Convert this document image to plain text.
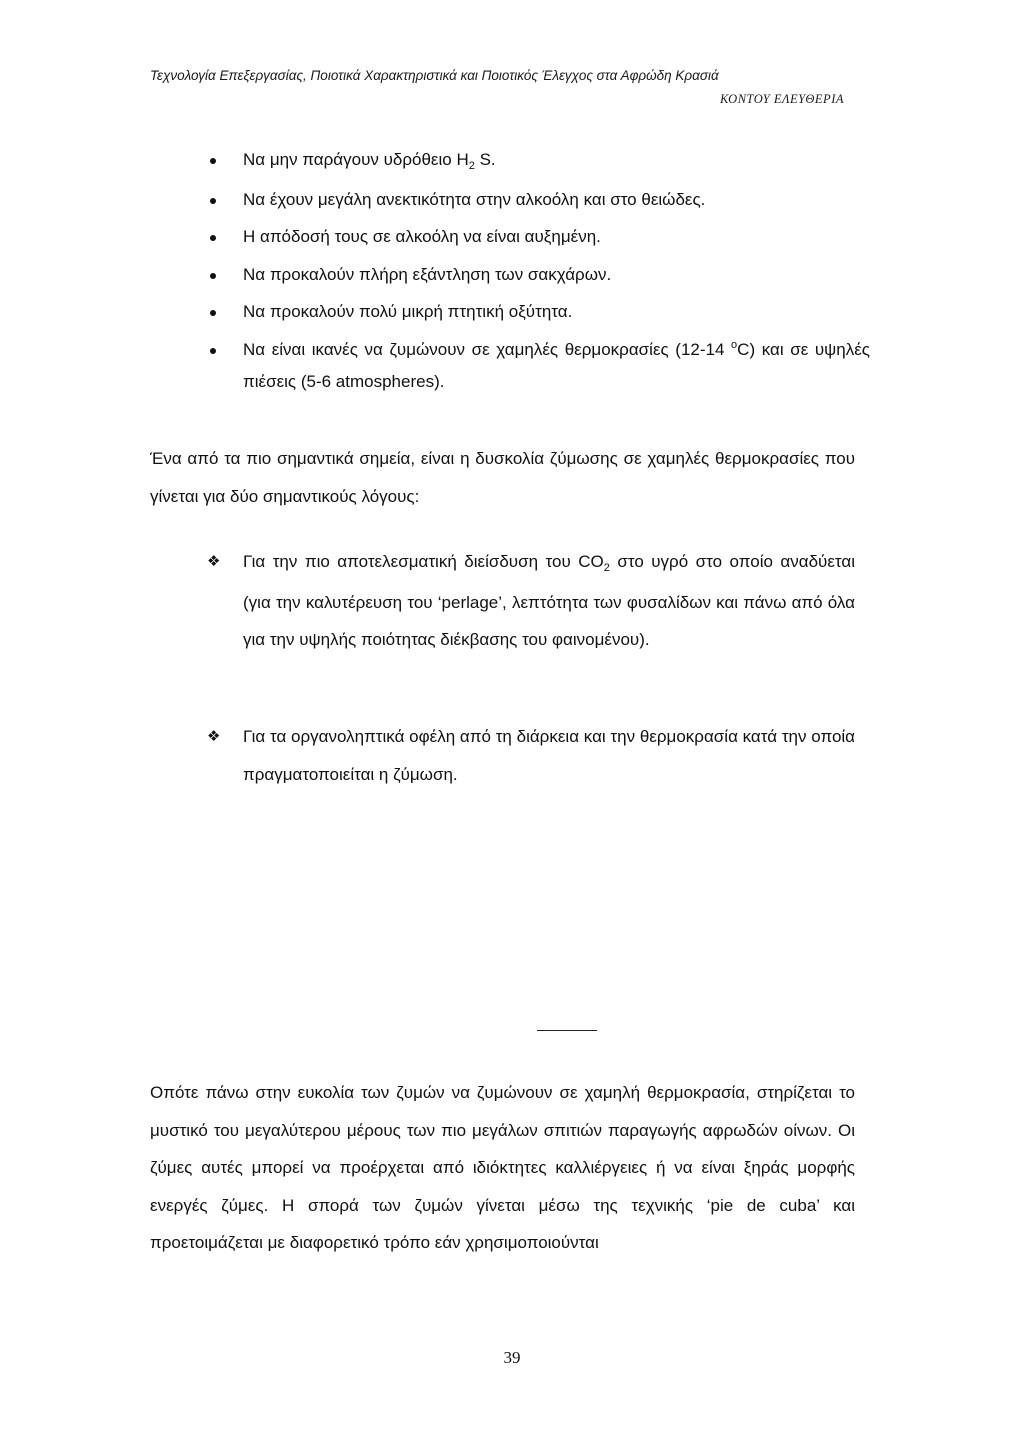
Τεχνολογία Επεξεργασίας, Ποιοτικά Χαρακτηριστικά και Ποιοτικός Έλεγχος στα Αφρώδη Κρασιά
ΚΟΝΤΟΥ ΕΛΕΥΘΕΡΙΑ
Να μην παράγουν υδρόθειο $H_2$ S.
Να έχουν μεγάλη ανεκτικότητα στην αλκοόλη και στο θειώδες.
Η απόδοσή τους σε αλκοόλη να είναι αυξημένη.
Να προκαλούν πλήρη εξάντληση των σακχάρων.
Να προκαλούν πολύ μικρή πτητική οξύτητα.
Να είναι ικανές να ζυμώνουν σε χαμηλές θερμοκρασίες (12-14 $^o$C) και σε υψηλές πιέσεις (5-6 atmospheres).

Ένα από τα πιο σημαντικά σημεία, είναι η δυσκολία ζύμωσης σε χαμηλές θερμοκρασίες που γίνεται για δύο σημαντικούς λόγους:

❖	Για την πιο αποτελεσματική διείσδυση του $CO_2$ στο υγρό στο οποίο αναδύεται (για την καλυτέρευση του ‘perlage’, λεπτότητα των φυσαλίδων και πάνω από όλα για την υψηλής ποιότητας διέκβασης του φαινομένου).
❖	Για τα οργανοληπτικά οφέλη από τη διάρκεια και την θερμοκρασία κατά την οποία πραγματοποιείται η ζύμωση.

Οπότε πάνω στην ευκολία των ζυμών να ζυμώνουν σε χαμηλή θερμοκρασία, στηρίζεται το μυστικό του μεγαλύτερου μέρους των πιο μεγάλων σπιτιών παραγωγής αφρωδών οίνων. Οι ζύμες αυτές μπορεί να προέρχεται από ιδιόκτητες καλλιέργειες ή να είναι ξηράς μορφής ενεργές ζύμες. Η σπορά των ζυμών γίνεται μέσω της τεχνικής ‘pie de cuba’ και προετοιμάζεται με διαφορετικό τρόπο εάν χρησιμοποιούνται

39
